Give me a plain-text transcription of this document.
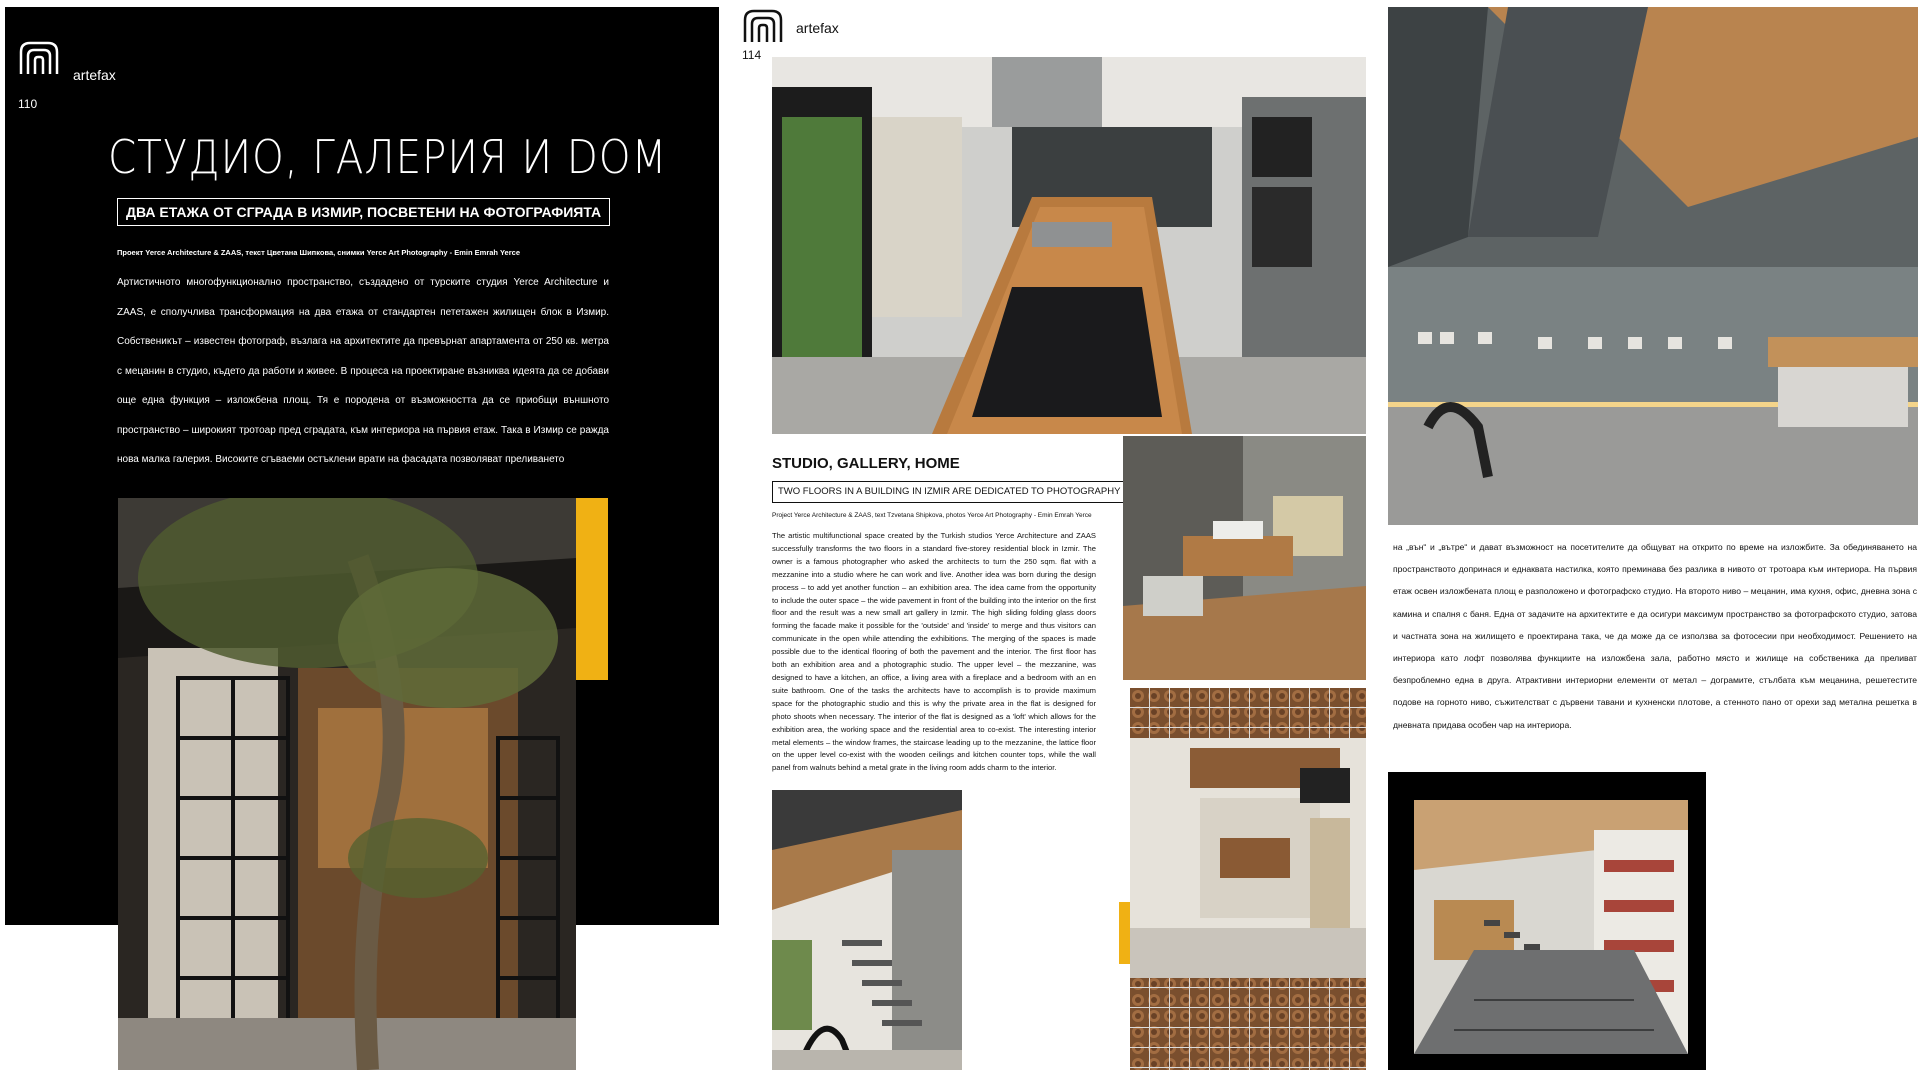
artefax
110
СТУДИО, ГАЛЕРИЯ И DOM
ДВА ЕТАЖА ОТ СГРАДА В ИЗМИР, ПОСВЕТЕНИ НА ФОТОГРАФИЯТА
Проект Yerce Architecture & ZAAS, текст Цветана Шипкова, снимки Yerce Art Photography - Emin Emrah Yerce
Артистичното многофункционално пространство, създадено от турските студия Yerce Architecture и ZAAS, е сполучлива трансформация на два етажа от стандартен пететажен жилищен блок в Измир. Собственикът – известен фотограф, възлага на архитектите да превърнат апартамента от 250 кв. метра с мецанин в студио, където да работи и живее. В процеса на проектиране възниква идеята да се добави още една функция – изложбена площ. Тя е породена от възможността да се приобщи външното пространство – широкият тротоар пред сградата, към интериора на първия етаж. Така в Измир се ражда нова малка галерия. Високите сгъваеми остъклени врати на фасадата позволяват преливането
artefax
114
STUDIO, GALLERY, HOME
TWO FLOORS IN A BUILDING IN IZMIR ARE DEDICATED TO PHOTOGRAPHY
Project Yerce Architecture & ZAAS, text Tzvetana Shipkova, photos Yerce Art Photography - Emin Emrah Yerce
The artistic multifunctional space created by the Turkish studios Yerce Architecture and ZAAS successfully transforms the two floors in a standard five-storey residential block in Izmir. The owner is a famous photographer who asked the architects to turn the 250 sqm. flat with a mezzanine into a studio where he can work and live. Another idea was born during the design process – to add yet another function – an exhibition area. The idea came from the opportunity to include the outer space – the wide pavement in front of the building into the interior on the first floor and the result was a new small art gallery in Izmir. The high sliding folding glass doors forming the facade make it possible for the 'outside' and 'inside' to merge and thus visitors can communicate in the open while attending the exhibitions. The merging of the spaces is made possible due to the identical flooring of both the pavement and the interior. The first floor has both an exhibition area and a photographic studio. The upper level – the mezzanine, was designed to have a kitchen, an office, a living area with a fireplace and a bedroom with an en suite bathroom. One of the tasks the architects have to accomplish is to provide maximum space for the photographic studio and this is why the private area in the flat is designed for photo shoots when necessary. The interior of the flat is designed as a 'loft' which allows for the exhibition area, the working space and the residential area to co-exist. The interesting interior metal elements – the window frames, the staircase leading up to the mezzanine, the lattice floor on the upper level co-exist with the wooden ceilings and kitchen counter tops, while the wall panel from walnuts behind a metal grate in the living room adds charm to the interior.
на „вън“ и „вътре“ и дават възможност на посетителите да общуват на открито по време на изложбите. За обединяването на пространството допринася и еднаквата настилка, която преминава без разлика в нивото от тротоара към интериора. На първия етаж освен изложбената площ е разположено и фотографско студио. На второто ниво – мецанин, има кухня, офис, дневна зона с камина и спалня с баня. Една от задачите на архитектите е да осигури максимум пространство за фотографското студио, затова и частната зона на жилището е проектирана така, че да може да се използва за фотосесии при необходимост. Решението на интериора като лофт позволява функциите на изложбена зала, работно място и жилище на собственика да преливат безпроблемно една в друга. Атрактивни интериорни елементи от метал – дограмите, стълбата към мецанина, решетестите подове на горното ниво, съжителстват с дървени тавани и кухненски плотове, а стенното пано от орехи зад метална решетка в дневната придава особен чар на интериора.
